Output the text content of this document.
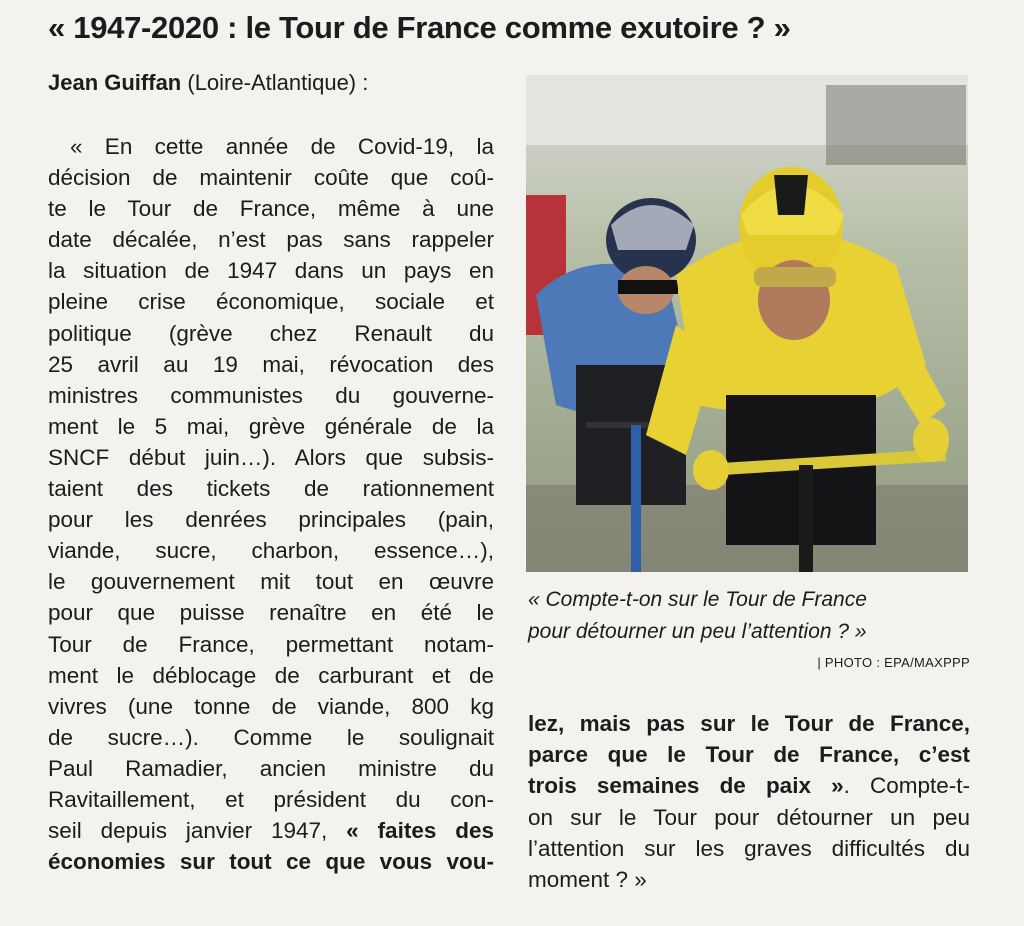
« 1947-2020 : le Tour de France comme exutoire ? »
Jean Guiffan (Loire-Atlantique) :
« En cette année de Covid-19, la
décision de maintenir coûte que coû-
te le Tour de France, même à une
date décalée, n’est pas sans rappeler
la situation de 1947 dans un pays en
pleine crise économique, sociale et
politique (grève chez Renault du
25 avril au 19 mai, révocation des
ministres communistes du gouverne-
ment le 5 mai, grève générale de la
SNCF début juin…). Alors que subsis-
taient des tickets de rationnement
pour les denrées principales (pain,
viande, sucre, charbon, essence…),
le gouvernement mit tout en œuvre
pour que puisse renaître en été le
Tour de France, permettant notam-
ment le déblocage de carburant et de
vivres (une tonne de viande, 800 kg
de sucre…). Comme le soulignait
Paul Ramadier, ancien ministre du
Ravitaillement, et président du con-
seil depuis janvier 1947, « faites des
économies sur tout ce que vous vou-
« Compte-t-on sur le Tour de France
pour détourner un peu l’attention ? »
| PHOTO : EPA/MAXPPP
lez, mais pas sur le Tour de France,
parce que le Tour de France, c’est
trois semaines de paix ». Compte-t-
on sur le Tour pour détourner un peu
l’attention sur les graves difficultés du
moment ? »
